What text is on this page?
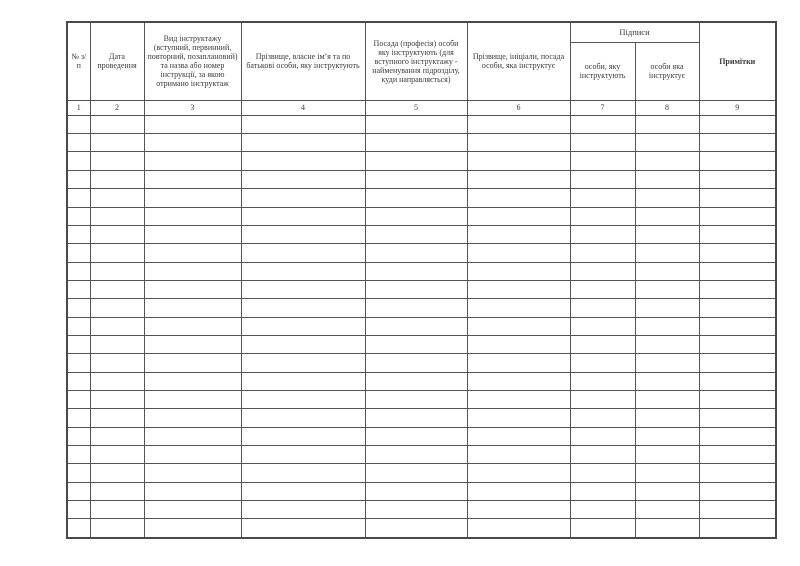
№ з/п	Дата проведення	Вид інструктажу (вступний, первинний, повторний, позаплановий) та назва або номер інструкції, за якою отримано інструктаж	Прізвище, власне ім’я та по батькові особи, яку інструктують	Посада (професія) особи яку інструктують (для вступного інструктажу - найменування підрозділу, куди направляється)	Прізвище, ініціали, посада особи, яка інструктує	Підписи		Примітки
						особи, яку інструктують	особи яка інструктує	
1	2	3	4	5	6	7	8	9
